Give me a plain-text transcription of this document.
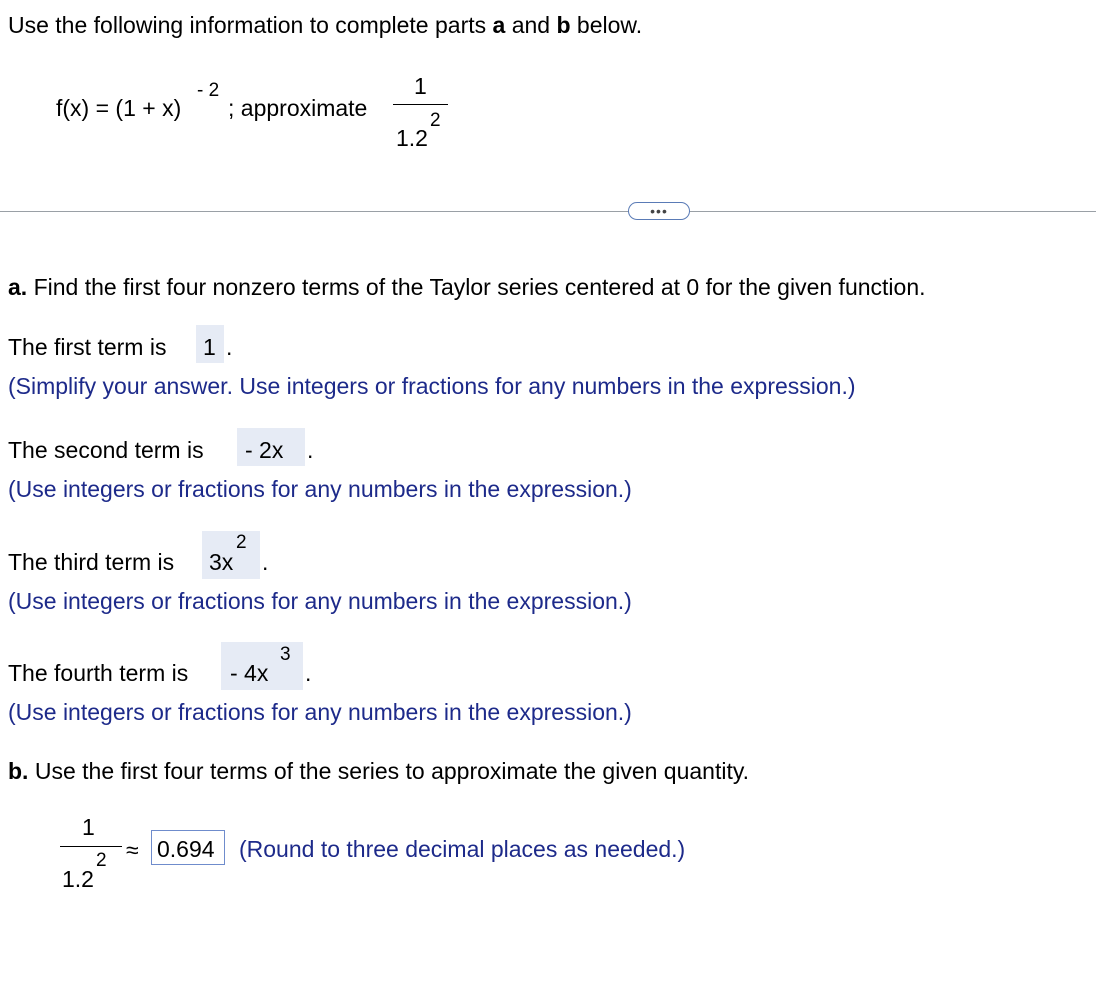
Use the following information to complete parts a and b below.
f(x) = (1 + x)
- 2
; approximate
1
1.2
2
•••
a. Find the first four nonzero terms of the Taylor series centered at 0 for the given function.
The first term is 1 .
(Simplify your answer. Use integers or fractions for any numbers in the expression.)
The second term is - 2x .
(Use integers or fractions for any numbers in the expression.)
The third term is 3x
2
.
(Use integers or fractions for any numbers in the expression.)
The fourth term is - 4x
3
.
(Use integers or fractions for any numbers in the expression.)
b. Use the first four terms of the series to approximate the given quantity.
1
1.2
2 ≈ 0.694 (Round to three decimal places as needed.)
